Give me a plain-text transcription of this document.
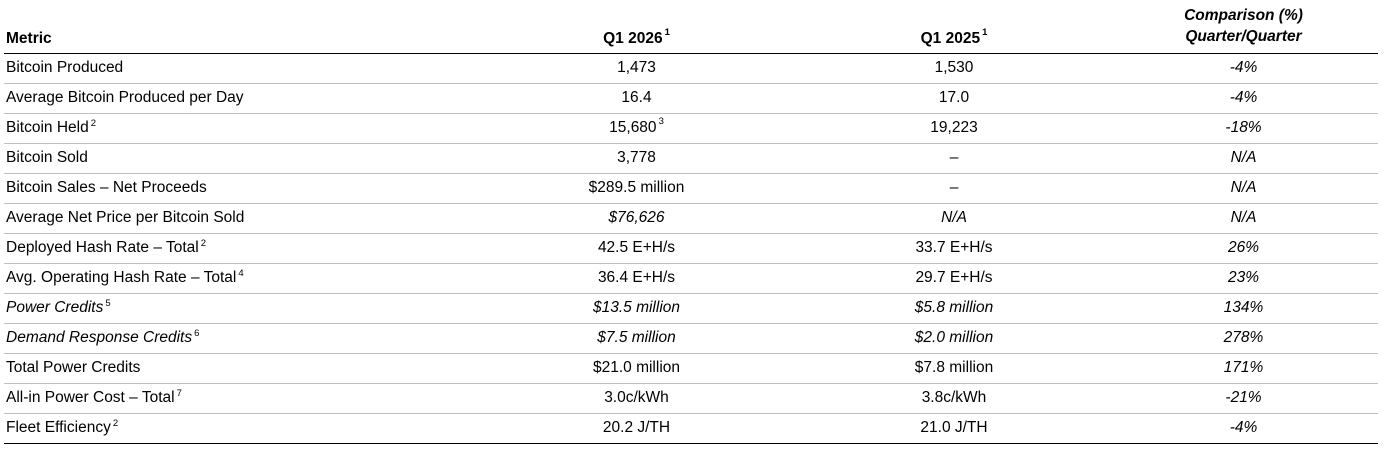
Metric	Q1 2026 $^1$	Q1 2025 $^1$	Comparison (%)
Quarter/Quarter

Bitcoin Produced	1,473	1,530	-4%
Average Bitcoin Produced per Day	16.4	17.0	-4%
Bitcoin Held $^2$	15,680 $^3$	19,223	-18%
Bitcoin Sold	3,778	–	N/A
Bitcoin Sales – Net Proceeds	$289.5 million	–	N/A
Average Net Price per Bitcoin Sold	$76,626	N/A	N/A
Deployed Hash Rate – Total $^2$	42.5 E+H/s	33.7 E+H/s	26%
Avg. Operating Hash Rate – Total $^4$	36.4 E+H/s	29.7 E+H/s	23%
Power Credits $^5$	$13.5 million	$5.8 million	134%
Demand Response Credits $^6$	$7.5 million	$2.0 million	278%
Total Power Credits	$21.0 million	$7.8 million	171%
All-in Power Cost – Total $^7$	3.0c/kWh	3.8c/kWh	-21%
Fleet Efficiency $^2$	20.2 J/TH	21.0 J/TH	-4%
